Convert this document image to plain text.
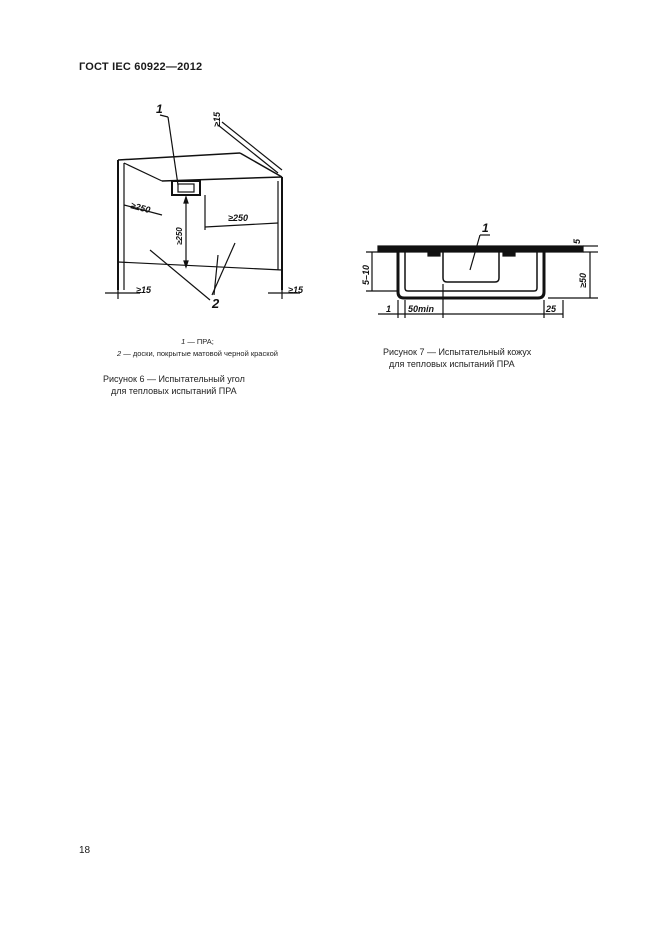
ГОСТ IEC 60922—2012
1
2
≥15
≥250
≥250
≥250
≥15	≥15
1 — ПРА;
2 — доски, покрытые матовой черной краской
Рисунок 6 — Испытательный угол
для тепловых испытаний ПРА
1
5
≥50
5–10
1 50min	25
Рисунок 7 — Испытательный кожух
для тепловых испытаний ПРА
18
